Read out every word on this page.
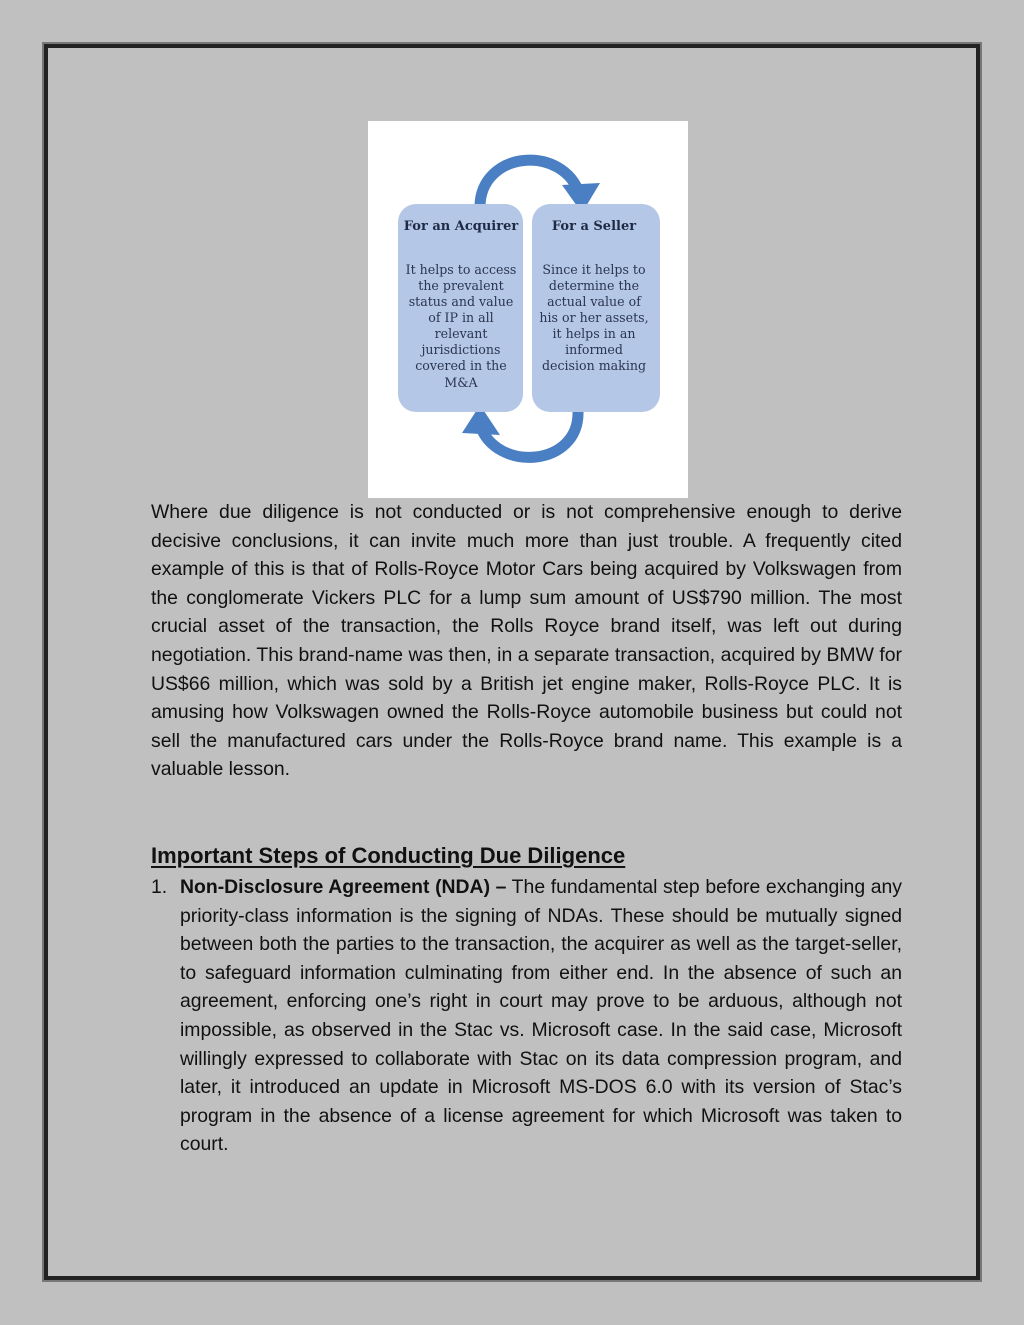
For an Acquirer	For a Seller
It helps to access
the prevalent
status and value
of IP in all
relevant
jurisdictions
covered in the
M&A
Since it helps to
determine the
actual value of
his or her assets,
it helps in an
informed
decision making

Where due diligence is not conducted or is not comprehensive enough to derive decisive conclusions, it can invite much more than just trouble. A frequently cited example of this is that of Rolls-Royce Motor Cars being acquired by Volkswagen from the conglomerate Vickers PLC for a lump sum amount of US$790 million. The most crucial asset of the transaction, the Rolls Royce brand itself, was left out during negotiation. This brand-name was then, in a separate transaction, acquired by BMW for US$66 million, which was sold by a British jet engine maker, Rolls-Royce PLC. It is amusing how Volkswagen owned the Rolls-Royce automobile business but could not sell the manufactured cars under the Rolls-Royce brand name. This example is a valuable lesson.

Important Steps of Conducting Due Diligence
1. Non-Disclosure Agreement (NDA) – The fundamental step before exchanging any priority-class information is the signing of NDAs. These should be mutually signed between both the parties to the transaction, the acquirer as well as the target-seller, to safeguard information culminating from either end. In the absence of such an agreement, enforcing one’s right in court may prove to be arduous, although not impossible, as observed in the Stac vs. Microsoft case. In the said case, Microsoft willingly expressed to collaborate with Stac on its data compression program, and later, it introduced an update in Microsoft MS-DOS 6.0 with its version of Stac’s program in the absence of a license agreement for which Microsoft was taken to court.
